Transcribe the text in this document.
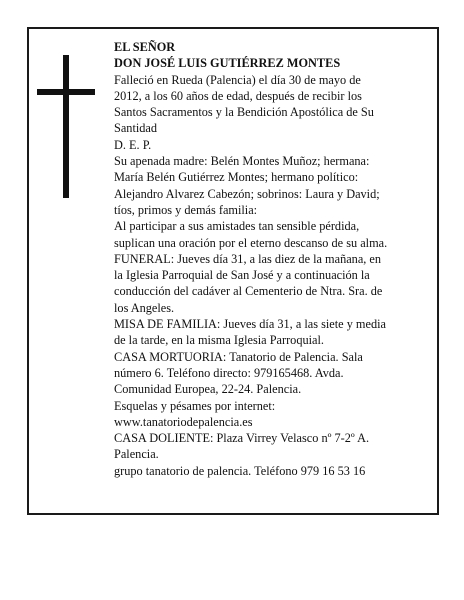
EL SEÑOR
DON JOSÉ LUIS GUTIÉRREZ MONTES
Falleció en Rueda (Palencia) el día 30 de mayo de
2012, a los 60 años de edad, después de recibir los
Santos Sacramentos y la Bendición Apostólica de Su
Santidad
D. E. P.
Su apenada madre: Belén Montes Muñoz; hermana:
María Belén Gutiérrez Montes; hermano político:
Alejandro Alvarez Cabezón; sobrinos: Laura y David;
tíos, primos y demás familia:
Al participar a sus amistades tan sensible pérdida,
suplican una oración por el eterno descanso de su alma.
FUNERAL: Jueves día 31, a las diez de la mañana, en
la Iglesia Parroquial de San José y a continuación la
conducción del cadáver al Cementerio de Ntra. Sra. de
los Angeles.
MISA DE FAMILIA: Jueves día 31, a las siete y media
de la tarde, en la misma Iglesia Parroquial.
CASA MORTUORIA: Tanatorio de Palencia. Sala
número 6. Teléfono directo: 979165468. Avda.
Comunidad Europea, 22-24. Palencia.
Esquelas y pésames por internet:
www.tanatoriodepalencia.es
CASA DOLIENTE: Plaza Virrey Velasco nº 7-2º A.
Palencia.
grupo tanatorio de palencia. Teléfono 979 16 53 16
